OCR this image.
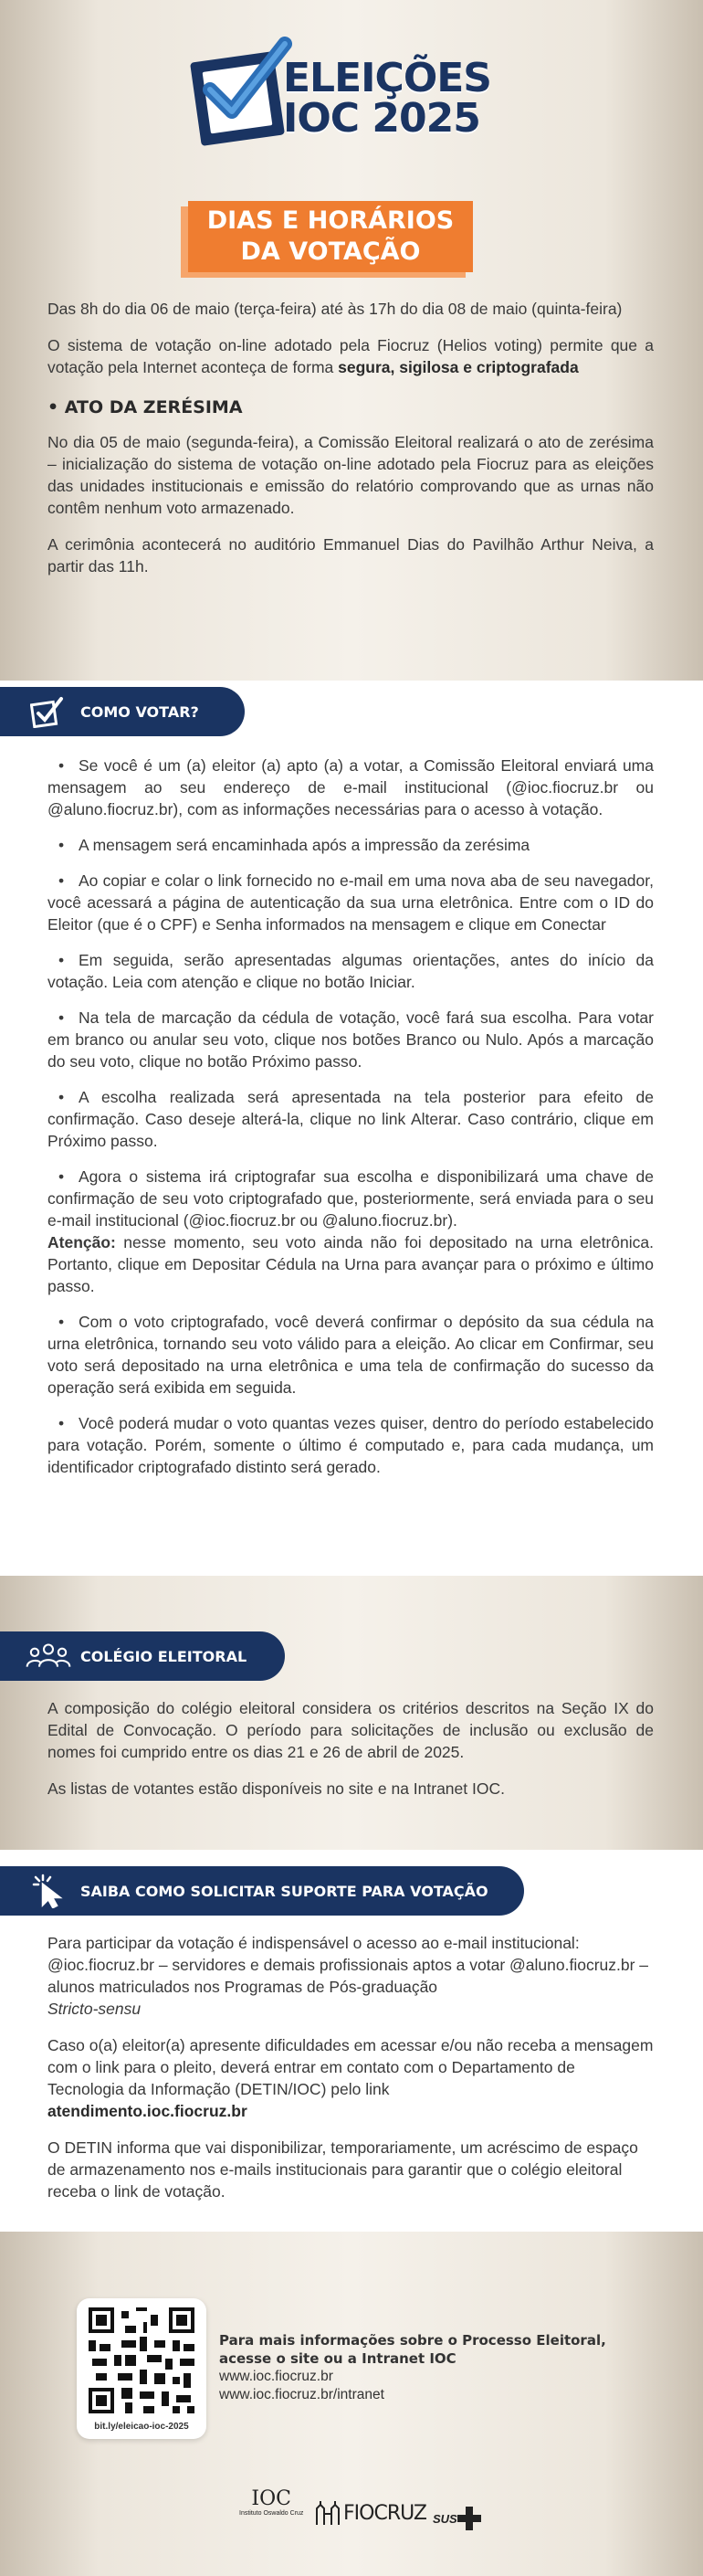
ELEIÇÕES
IOC 2025
DIAS E HORÁRIOS
DA VOTAÇÃO

Das 8h do dia 06 de maio (terça-feira) até às 17h do dia 08 de maio (quinta-feira)

O sistema de votação on-line adotado pela Fiocruz (Helios voting) permite que a votação pela Internet aconteça de forma segura, sigilosa e criptografada

• ATO DA ZERÉSIMA

No dia 05 de maio (segunda-feira), a Comissão Eleitoral realizará o ato de zerésima – inicialização do sistema de votação on-line adotado pela Fiocruz para as eleições das unidades institucionais e emissão do relatório comprovando que as urnas não contêm nenhum voto armazenado.

A cerimônia acontecerá no auditório Emmanuel Dias do Pavilhão Arthur Neiva, a partir das 11h.

COMO VOTAR?
• Se você é um (a) eleitor (a) apto (a) a votar, a Comissão Eleitoral enviará uma mensagem ao seu endereço de e-mail institucional (@ioc.fiocruz.br ou @aluno.fiocruz.br), com as informações necessárias para o acesso à votação.
• A mensagem será encaminhada após a impressão da zerésima
• Ao copiar e colar o link fornecido no e-mail em uma nova aba de seu navegador, você acessará a página de autenticação da sua urna eletrônica. Entre com o ID do Eleitor (que é o CPF) e Senha informados na mensagem e clique em Conectar
• Em seguida, serão apresentadas algumas orientações, antes do início da votação. Leia com atenção e clique no botão Iniciar.
• Na tela de marcação da cédula de votação, você fará sua escolha. Para votar em branco ou anular seu voto, clique nos botões Branco ou Nulo. Após a marcação do seu voto, clique no botão Próximo passo.
• A escolha realizada será apresentada na tela posterior para efeito de confirmação. Caso deseje alterá-la, clique no link Alterar. Caso contrário, clique em Próximo passo.
• Agora o sistema irá criptografar sua escolha e disponibilizará uma chave de confirmação de seu voto criptografado que, posteriormente, será enviada para o seu e-mail institucional (@ioc.fiocruz.br ou @aluno.fiocruz.br).
Atenção: nesse momento, seu voto ainda não foi depositado na urna eletrônica. Portanto, clique em Depositar Cédula na Urna para avançar para o próximo e último passo.
• Com o voto criptografado, você deverá confirmar o depósito da sua cédula na urna eletrônica, tornando seu voto válido para a eleição. Ao clicar em Confirmar, seu voto será depositado na urna eletrônica e uma tela de confirmação do sucesso da operação será exibida em seguida.
• Você poderá mudar o voto quantas vezes quiser, dentro do período estabelecido para votação. Porém, somente o último é computado e, para cada mudança, um identificador criptografado distinto será gerado.
COLÉGIO ELEITORAL

A composição do colégio eleitoral considera os critérios descritos na Seção IX do Edital de Convocação. O período para solicitações de inclusão ou exclusão de nomes foi cumprido entre os dias 21 e 26 de abril de 2025.

As listas de votantes estão disponíveis no site e na Intranet IOC.

SAIBA COMO SOLICITAR SUPORTE PARA VOTAÇÃO

Para participar da votação é indispensável o acesso ao e-mail institucional: @ioc.fiocruz.br – servidores e demais profissionais aptos a votar @aluno.fiocruz.br – alunos matriculados nos Programas de Pós-graduação
Stricto-sensu

Caso o(a) eleitor(a) apresente dificuldades em acessar e/ou não receba a mensagem com o link para o pleito, deverá entrar em contato com o Departamento de Tecnologia da Informação (DETIN/IOC) pelo link
atendimento.ioc.fiocruz.br

O DETIN informa que vai disponibilizar, temporariamente, um acréscimo de espaço de armazenamento nos e-mails institucionais para garantir que o colégio eleitoral receba o link de votação.

bit.ly/eleicao-ioc-2025
Para mais informações sobre o Processo Eleitoral, acesse o site ou a Intranet IOC
www.ioc.fiocruz.br
www.ioc.fiocruz.br/intranet
IOC
Instituto Oswaldo Cruz FIOCRUZ SUS
